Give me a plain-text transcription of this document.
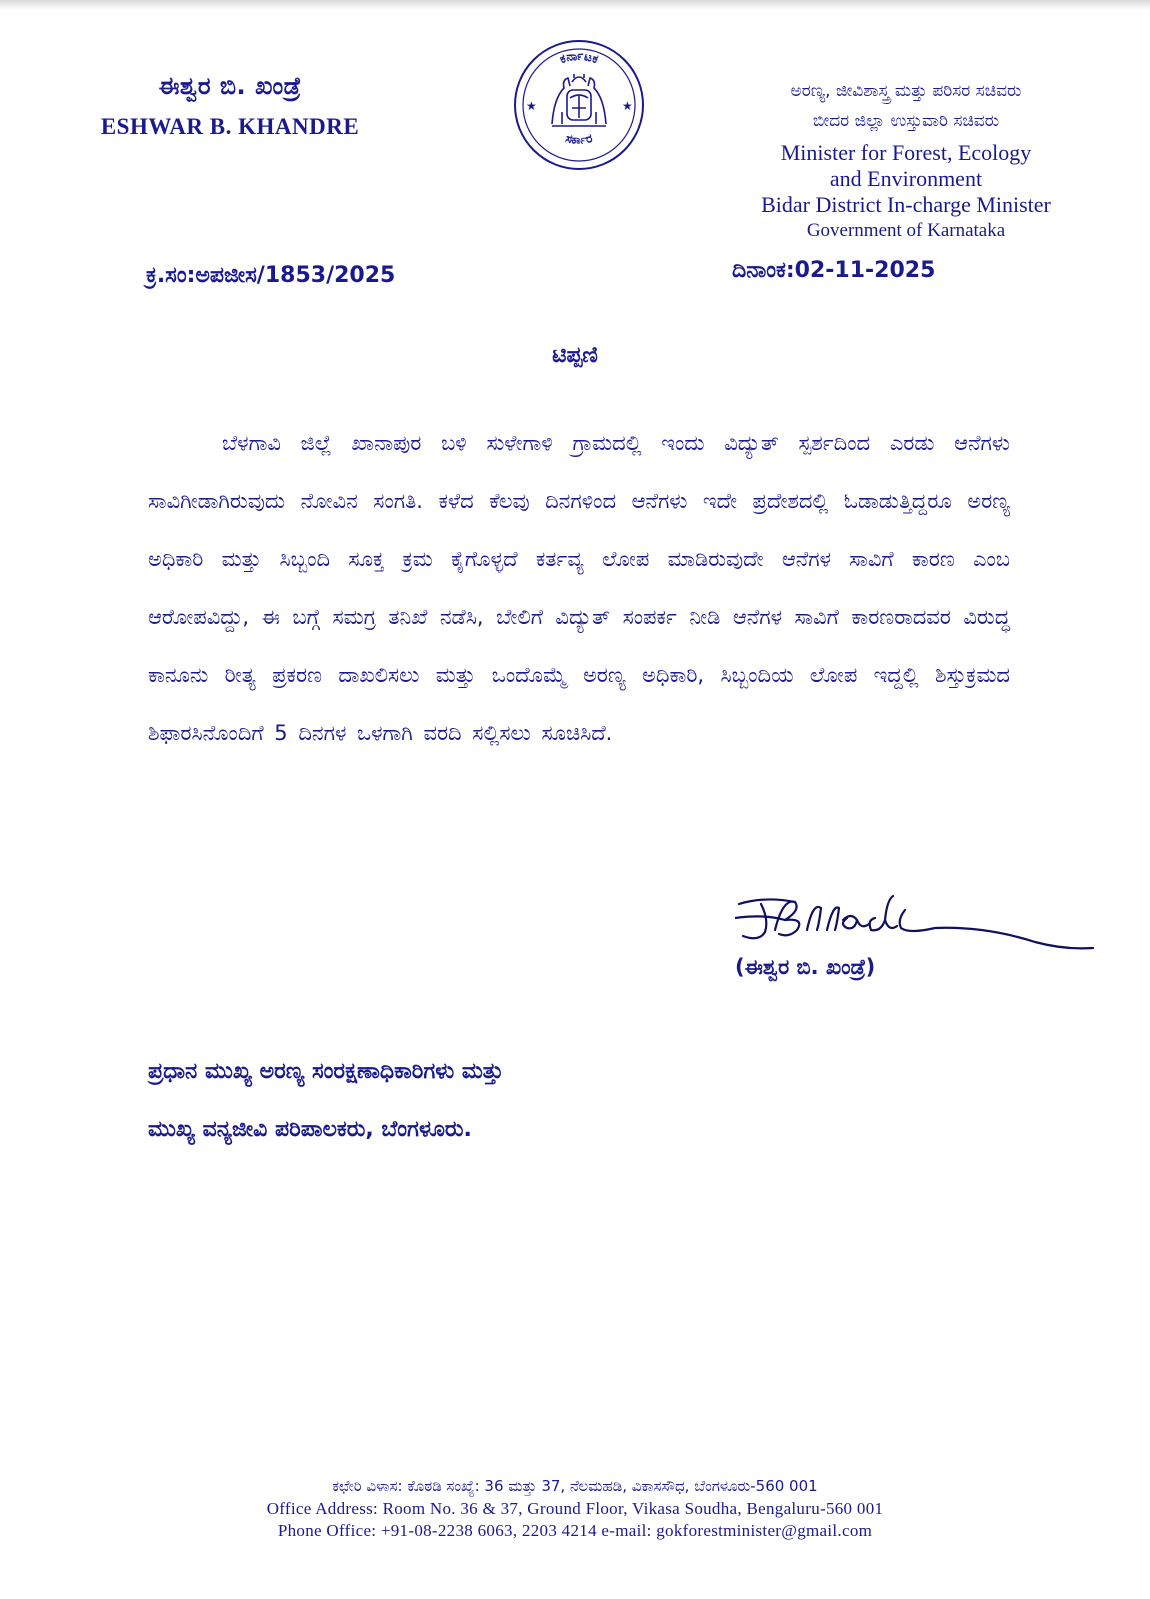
ಈಶ್ವರ ಬಿ. ಖಂಡ್ರೆ
ESHWAR B. KHANDRE
ಕರ್ನಾಟಕ
ಸರ್ಕಾರ
★	★
ಅರಣ್ಯ, ಜೀವಿಶಾಸ್ತ್ರ ಮತ್ತು ಪರಿಸರ ಸಚಿವರು
ಬೀದರ ಜಿಲ್ಲಾ ಉಸ್ತುವಾರಿ ಸಚಿವರು
Minister for Forest, Ecology
and Environment
Bidar District In-charge Minister
Government of Karnataka
ಕ್ರ.ಸಂ:ಅಪಜೀಸ/1853/2025	ದಿನಾಂಕ:02-11-2025
ಟಿಪ್ಪಣಿ
ಬೆಳಗಾವಿ ಜಿಲ್ಲೆ ಖಾನಾಪುರ ಬಳಿ ಸುಳೇಗಾಳಿ ಗ್ರಾಮದಲ್ಲಿ ಇಂದು ವಿದ್ಯುತ್ ಸ್ಪರ್ಶದಿಂದ ಎರಡು ಆನೆಗಳು ಸಾವಿಗೀಡಾಗಿರುವುದು ನೋವಿನ ಸಂಗತಿ. ಕಳೆದ ಕೆಲವು ದಿನಗಳಿಂದ ಆನೆಗಳು ಇದೇ ಪ್ರದೇಶದಲ್ಲಿ ಓಡಾಡುತ್ತಿದ್ದರೂ ಅರಣ್ಯ ಅಧಿಕಾರಿ ಮತ್ತು ಸಿಬ್ಬಂದಿ ಸೂಕ್ತ ಕ್ರಮ ಕೈಗೊಳ್ಳದೆ ಕರ್ತವ್ಯ ಲೋಪ ಮಾಡಿರುವುದೇ ಆನೆಗಳ ಸಾವಿಗೆ ಕಾರಣ ಎಂಬ ಆರೋಪವಿದ್ದು, ಈ ಬಗ್ಗೆ ಸಮಗ್ರ ತನಿಖೆ ನಡೆಸಿ, ಬೇಲಿಗೆ ವಿದ್ಯುತ್ ಸಂಪರ್ಕ ನೀಡಿ ಆನೆಗಳ ಸಾವಿಗೆ ಕಾರಣರಾದವರ ವಿರುದ್ಧ ಕಾನೂನು ರೀತ್ಯ ಪ್ರಕರಣ ದಾಖಲಿಸಲು ಮತ್ತು ಒಂದೊಮ್ಮೆ ಅರಣ್ಯ ಅಧಿಕಾರಿ, ಸಿಬ್ಬಂದಿಯ ಲೋಪ ಇದ್ದಲ್ಲಿ ಶಿಸ್ತುಕ್ರಮದ ಶಿಫಾರಸಿನೊಂದಿಗೆ 5 ದಿನಗಳ ಒಳಗಾಗಿ ವರದಿ ಸಲ್ಲಿಸಲು ಸೂಚಿಸಿದೆ.
(ಈಶ್ವರ ಬಿ. ಖಂಡ್ರೆ)
ಪ್ರಧಾನ ಮುಖ್ಯ ಅರಣ್ಯ ಸಂರಕ್ಷಣಾಧಿಕಾರಿಗಳು ಮತ್ತು
ಮುಖ್ಯ ವನ್ಯಜೀವಿ ಪರಿಪಾಲಕರು, ಬೆಂಗಳೂರು.
ಕಛೇರಿ ವಿಳಾಸ: ಕೊಠಡಿ ಸಂಖ್ಯೆ: 36 ಮತ್ತು 37, ನೆಲಮಹಡಿ, ವಿಕಾಸಸೌಧ, ಬೆಂಗಳೂರು-560 001
Office Address: Room No. 36 & 37, Ground Floor, Vikasa Soudha, Bengaluru-560 001
Phone Office: +91-08-2238 6063, 2203 4214 e-mail: gokforestminister@gmail.com
